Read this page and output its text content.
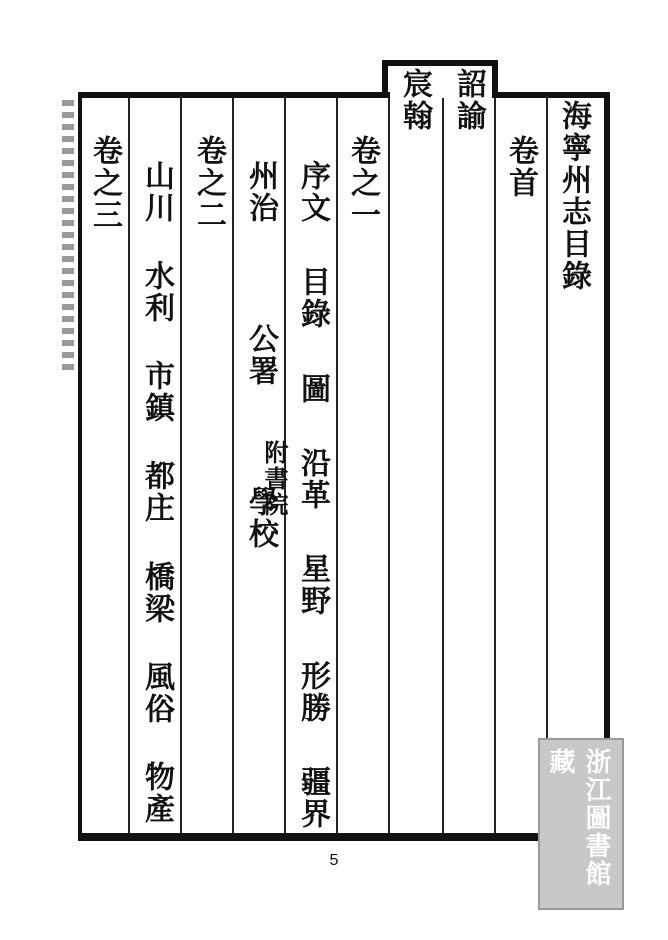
海寧州志目錄
卷首
詔
諭
宸翰
卷之一
序文
目錄
圖
沿革
星野
形勝
疆界
卷之二 州治
公署
學校
附書院
卷之三 山川
水利
市鎮
都庄
橋梁
風俗
物產	浙江圖書館藏
5
